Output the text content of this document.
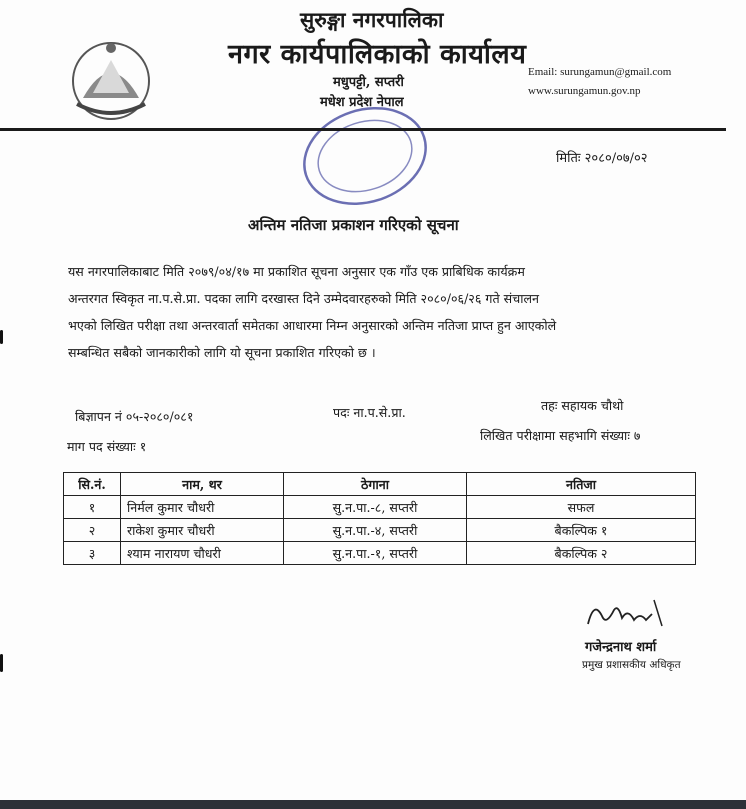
सुरुङ्गा नगरपालिका
नगर कार्यपालिकाको कार्यालय
मधुपट्टी, सप्तरी
मधेश प्रदेश नेपाल
Email: surungamun@gmail.com
www.surungamun.gov.np
मितिः २०८०/०७/०२
अन्तिम नतिजा प्रकाशन गरिएको सूचना
यस नगरपालिकाबाट मिति २०७९/०४/१७ मा प्रकाशित सूचना अनुसार एक गाँउ एक प्राबिधिक कार्यक्रम
अन्तरगत स्विकृत ना.प.से.प्रा. पदका लागि दरखास्त दिने उम्मेदवारहरुको मिति २०८०/०६/२६ गते संचालन
भएको लिखित परीक्षा तथा अन्तरवार्ता समेतका आधारमा निम्न अनुसारको अन्तिम नतिजा प्राप्त हुन आएकोले
सम्बन्धित सबैको जानकारीको लागि यो सूचना प्रकाशित गरिएको छ ।
बिज्ञापन नं ०५-२०८०/०८१	पदः ना.प.से.प्रा.	तहः सहायक चौथो
माग पद संख्याः १
लिखित परीक्षामा सहभागि संख्याः ७
सि.नं.	नाम, थर	ठेगाना	नतिजा
१	निर्मल कुमार चौधरी	सु.न.पा.-८, सप्तरी	सफल
२	राकेश कुमार चौधरी	सु.न.पा.-४, सप्तरी	बैकल्पिक १
३	श्याम नारायण चौधरी	सु.न.पा.-१, सप्तरी	बैकल्पिक २
गजेन्द्रनाथ शर्मा
प्रमुख प्रशासकीय अधिकृत
